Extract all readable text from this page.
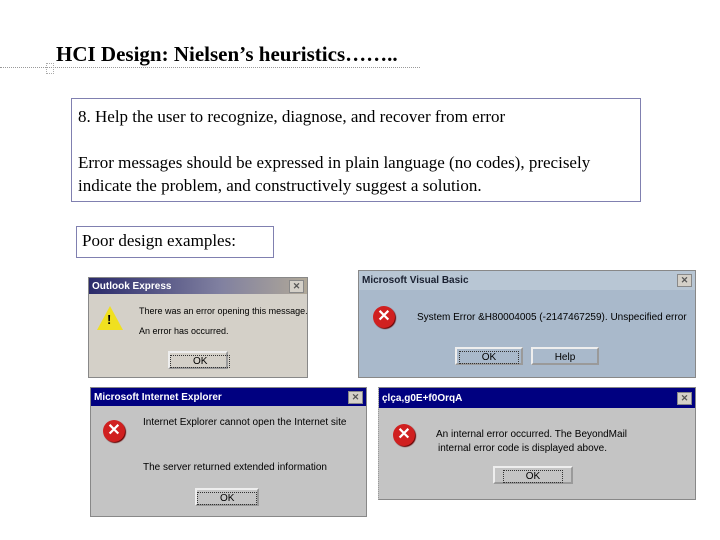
HCI Design: Nielsen’s heuristics……..

8. Help the user to recognize, diagnose, and recover from error

Error messages should be expressed in plain language (no codes), precisely indicate the problem, and constructively suggest a solution.

Poor design examples:
Outlook Express	✕
!
There was an error opening this message.
An error has occurred.
OK
Microsoft Visual Basic	✕
✕	System Error &H80004005 (-2147467259). Unspecified error
OK	Help
Microsoft Internet Explorer	✕
✕	Internet Explorer cannot open the Internet site
The server returned extended information
OK
çlça,g0E+f0OrqA	✕
✕	An internal error occurred. The BeyondMail
internal error code is displayed above.
OK
